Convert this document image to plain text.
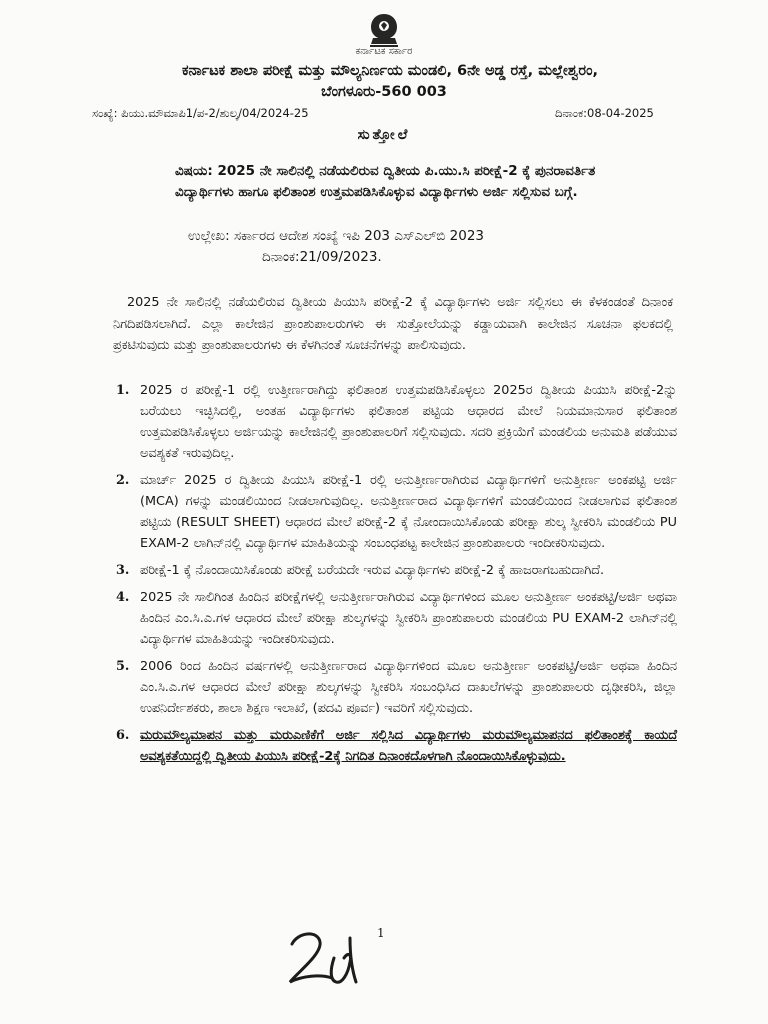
ಕರ್ನಾಟಕ ಸರ್ಕಾರ
ಕರ್ನಾಟಕ ಶಾಲಾ ಪರೀಕ್ಷೆ ಮತ್ತು ಮೌಲ್ಯನಿರ್ಣಯ ಮಂಡಲಿ, 6ನೇ ಅಡ್ಡ ರಸ್ತೆ, ಮಲ್ಲೇಶ್ವರಂ,
ಬೆಂಗಳೂರು-560 003
ಸಂಖ್ಯೆ: ಪಿಯು.ಮೌಮಾಪಿ1/ಪ-2/ಶುಲ್ಕ/04/2024-25	ದಿನಾಂಕ:08-04-2025
ಸುತ್ತೋಲೆ
ವಿಷಯ: 2025 ನೇ ಸಾಲಿನಲ್ಲಿ ನಡೆಯಲಿರುವ ದ್ವಿತೀಯ ಪಿ.ಯು.ಸಿ ಪರೀಕ್ಷೆ-2 ಕ್ಕೆ ಪುನರಾವರ್ತಿತ ವಿದ್ಯಾರ್ಥಿಗಳು ಹಾಗೂ ಫಲಿತಾಂಶ ಉತ್ತಮಪಡಿಸಿಕೊಳ್ಳುವ ವಿದ್ಯಾರ್ಥಿಗಳು ಅರ್ಜಿ ಸಲ್ಲಿಸುವ ಬಗ್ಗೆ.
ಉಲ್ಲೇಖ: ಸರ್ಕಾರದ ಆದೇಶ ಸಂಖ್ಯೆ ಇಪಿ 203 ಎಸ್ಎಲ್‌ಬಿ 2023
ದಿನಾಂಕ:21/09/2023.
2025 ನೇ ಸಾಲಿನಲ್ಲಿ ನಡೆಯಲಿರುವ ದ್ವಿತೀಯ ಪಿಯುಸಿ ಪರೀಕ್ಷೆ-2 ಕ್ಕೆ ವಿದ್ಯಾರ್ಥಿಗಳು ಅರ್ಜಿ ಸಲ್ಲಿಸಲು ಈ ಕೆಳಕಂಡಂತೆ ದಿನಾಂಕ ನಿಗದಿಪಡಿಸಲಾಗಿದೆ. ಎಲ್ಲಾ ಕಾಲೇಜಿನ ಪ್ರಾಂಶುಪಾಲರುಗಳು ಈ ಸುತ್ತೋಲೆಯನ್ನು ಕಡ್ಡಾಯವಾಗಿ ಕಾಲೇಜಿನ ಸೂಚನಾ ಫಲಕದಲ್ಲಿ ಪ್ರಕಟಿಸುವುದು ಮತ್ತು ಪ್ರಾಂಶುಪಾಲರುಗಳು ಈ ಕೆಳಗಿನಂತೆ ಸೂಚನೆಗಳನ್ನು ಪಾಲಿಸುವುದು.
1. 2025 ರ ಪರೀಕ್ಷೆ-1 ರಲ್ಲಿ ಉತ್ತೀರ್ಣರಾಗಿದ್ದು ಫಲಿತಾಂಶ ಉತ್ತಮಪಡಿಸಿಕೊಳ್ಳಲು 2025ರ ದ್ವಿತೀಯ ಪಿಯುಸಿ ಪರೀಕ್ಷೆ-2ನ್ನು ಬರೆಯಲು ಇಚ್ಛಿಸಿದಲ್ಲಿ, ಅಂತಹ ವಿದ್ಯಾರ್ಥಿಗಳು ಫಲಿತಾಂಶ ಪಟ್ಟಿಯ ಆಧಾರದ ಮೇಲೆ ನಿಯಮಾನುಸಾರ ಫಲಿತಾಂಶ ಉತ್ತಮಪಡಿಸಿಕೊಳ್ಳಲು ಅರ್ಜಿಯನ್ನು ಕಾಲೇಜಿನಲ್ಲಿ ಪ್ರಾಂಶುಪಾಲರಿಗೆ ಸಲ್ಲಿಸುವುದು. ಸದರಿ ಪ್ರಕ್ರಿಯೆಗೆ ಮಂಡಲಿಯ ಅನುಮತಿ ಪಡೆಯುವ ಅವಶ್ಯಕತೆ ಇರುವುದಿಲ್ಲ.
2. ಮಾರ್ಚ್ 2025 ರ ದ್ವಿತೀಯ ಪಿಯುಸಿ ಪರೀಕ್ಷೆ-1 ರಲ್ಲಿ ಅನುತ್ತೀರ್ಣರಾಗಿರುವ ವಿದ್ಯಾರ್ಥಿಗಳಿಗೆ ಅನುತ್ತೀರ್ಣ ಅಂಕಪಟ್ಟಿ ಅರ್ಜಿ (MCA) ಗಳನ್ನು ಮಂಡಲಿಯಿಂದ ನೀಡಲಾಗುವುದಿಲ್ಲ. ಅನುತ್ತೀರ್ಣರಾದ ವಿದ್ಯಾರ್ಥಿಗಳಿಗೆ ಮಂಡಲಿಯಿಂದ ನೀಡಲಾಗುವ ಫಲಿತಾಂಶ ಪಟ್ಟಿಯ (RESULT SHEET) ಆಧಾರದ ಮೇಲೆ ಪರೀಕ್ಷೆ-2 ಕ್ಕೆ ನೋಂದಾಯಿಸಿಕೊಂಡು ಪರೀಕ್ಷಾ ಶುಲ್ಕ ಸ್ವೀಕರಿಸಿ ಮಂಡಲಿಯ PU EXAM-2 ಲಾಗಿನ್‌ನಲ್ಲಿ ವಿದ್ಯಾರ್ಥಿಗಳ ಮಾಹಿತಿಯನ್ನು ಸಂಬಂಧಪಟ್ಟ ಕಾಲೇಜಿನ ಪ್ರಾಂಶುಪಾಲರು ಇಂದೀಕರಿಸುವುದು.
3. ಪರೀಕ್ಷೆ-1 ಕ್ಕೆ ನೊಂದಾಯಿಸಿಕೊಂಡು ಪರೀಕ್ಷೆ ಬರೆಯದೇ ಇರುವ ವಿದ್ಯಾರ್ಥಿಗಳು ಪರೀಕ್ಷೆ-2 ಕ್ಕೆ ಹಾಜರಾಗಬಹುದಾಗಿದೆ.
4. 2025 ನೇ ಸಾಲಿಗಿಂತ ಹಿಂದಿನ ಪರೀಕ್ಷೆಗಳಲ್ಲಿ ಅನುತ್ತೀರ್ಣರಾಗಿರುವ ವಿದ್ಯಾರ್ಥಿಗಳಿಂದ ಮೂಲ ಅನುತ್ತೀರ್ಣ ಅಂಕಪಟ್ಟಿ/ಅರ್ಜಿ ಅಥವಾ ಹಿಂದಿನ ಎಂ.ಸಿ.ಎ.ಗಳ ಆಧಾರದ ಮೇಲೆ ಪರೀಕ್ಷಾ ಶುಲ್ಕಗಳನ್ನು ಸ್ವೀಕರಿಸಿ ಪ್ರಾಂಶುಪಾಲರು ಮಂಡಲಿಯ PU EXAM-2 ಲಾಗಿನ್‌ನಲ್ಲಿ ವಿದ್ಯಾರ್ಥಿಗಳ ಮಾಹಿತಿಯನ್ನು ಇಂದೀಕರಿಸುವುದು.
5. 2006 ರಿಂದ ಹಿಂದಿನ ವರ್ಷಗಳಲ್ಲಿ ಅನುತ್ತೀರ್ಣರಾದ ವಿದ್ಯಾರ್ಥಿಗಳಿಂದ ಮೂಲ ಅನುತ್ತೀರ್ಣ ಅಂಕಪಟ್ಟಿ/ಅರ್ಜಿ ಅಥವಾ ಹಿಂದಿನ ಎಂ.ಸಿ.ಎ.ಗಳ ಆಧಾರದ ಮೇಲೆ ಪರೀಕ್ಷಾ ಶುಲ್ಕಗಳನ್ನು ಸ್ವೀಕರಿಸಿ ಸಂಬಂಧಿಸಿದ ದಾಖಲೆಗಳನ್ನು ಪ್ರಾಂಶುಪಾಲರು ದೃಢೀಕರಿಸಿ, ಜಿಲ್ಲಾ ಉಪನಿರ್ದೇಶಕರು, ಶಾಲಾ ಶಿಕ್ಷಣ ಇಲಾಖೆ, (ಪದವಿ ಪೂರ್ವ) ಇವರಿಗೆ ಸಲ್ಲಿಸುವುದು.
6. ಮರುಮೌಲ್ಯಮಾಪನ ಮತ್ತು ಮರುಎಣಿಕೆಗೆ ಅರ್ಜಿ ಸಲ್ಲಿಸಿದ ವಿದ್ಯಾರ್ಥಿಗಳು ಮರುಮೌಲ್ಯಮಾಪನದ ಫಲಿತಾಂಶಕ್ಕೆ ಕಾಯದೆ ಅವಶ್ಯಕತೆಯಿದ್ದಲ್ಲಿ ದ್ವಿತೀಯ ಪಿಯುಸಿ ಪರೀಕ್ಷೆ-2ಕ್ಕೆ ನಿಗದಿತ ದಿನಾಂಕದೊಳಗಾಗಿ ನೊಂದಾಯಿಸಿಕೊಳ್ಳುವುದು.
1
